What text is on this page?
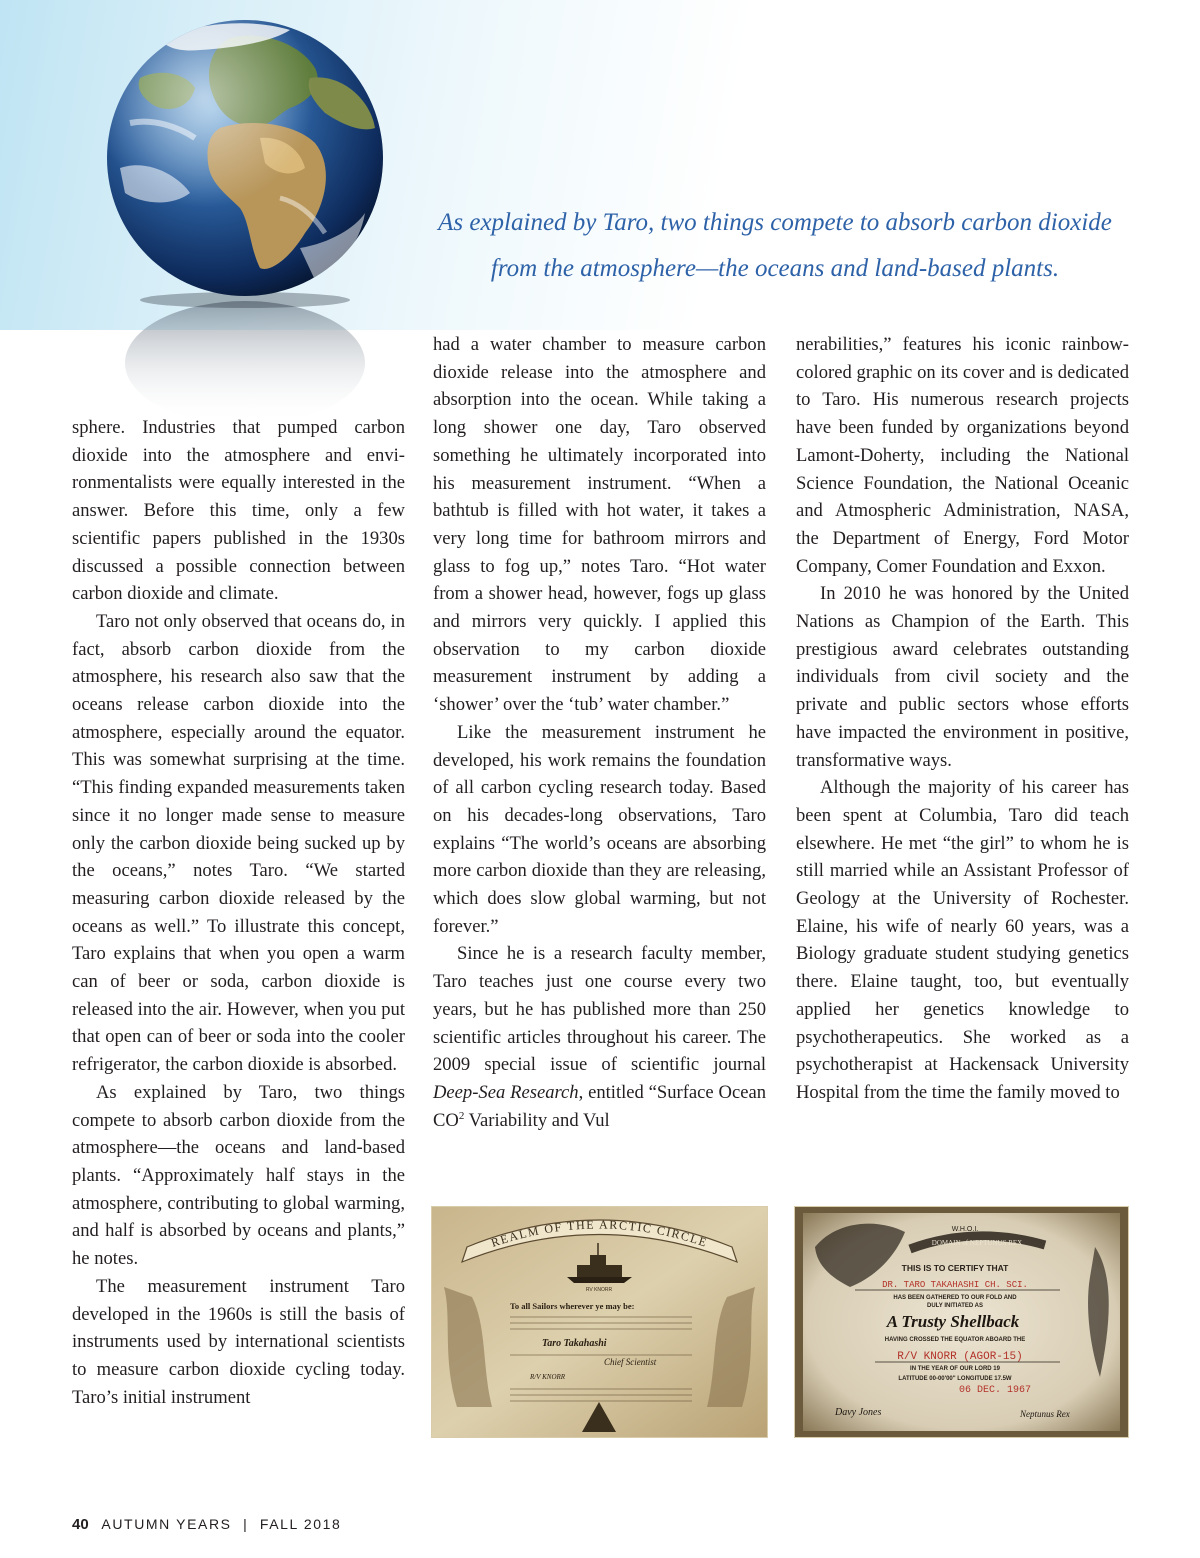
As explained by Taro, two things compete to absorb carbon dioxide
from the atmosphere—the oceans and land-based plants.

sphere. Industries that pumped carbon dioxide into the atmosphere and environmentalists were equally interested in the answer. Before this time, only a few scientific papers published in the 1930s discussed a possible connection between carbon dioxide and climate.

Taro not only observed that oceans do, in fact, absorb carbon dioxide from the atmosphere, his research also saw that the oceans release carbon dioxide into the atmosphere, especially around the equator. This was somewhat surprising at the time. “This finding expanded measurements taken since it no longer made sense to measure only the carbon dioxide being sucked up by the oceans,” notes Taro. “We started measuring carbon dioxide released by the oceans as well.” To illustrate this concept, Taro explains that when you open a warm can of beer or soda, carbon dioxide is released into the air. However, when you put that open can of beer or soda into the cooler refrigerator, the carbon dioxide is absorbed.

As explained by Taro, two things compete to absorb carbon dioxide from the atmosphere—the oceans and land-based plants. “Approximately half stays in the atmosphere, contributing to global warming, and half is absorbed by oceans and plants,” he notes.

The measurement instrument Taro developed in the 1960s is still the basis of instruments used by international scientists to measure carbon dioxide cycling today. Taro’s initial instrument

had a water chamber to measure carbon dioxide release into the atmosphere and absorption into the ocean. While taking a long shower one day, Taro observed something he ultimately incorporated into his measurement instrument. “When a bathtub is filled with hot water, it takes a very long time for bathroom mirrors and glass to fog up,” notes Taro. “Hot water from a shower head, however, fogs up glass and mirrors very quickly. I applied this observation to my carbon dioxide measurement instrument by adding a ‘shower’ over the ‘tub’ water chamber.”

Like the measurement instrument he developed, his work remains the foundation of all carbon cycling research today. Based on his decades-long observations, Taro explains “The world’s oceans are absorbing more carbon dioxide than they are releasing, which does slow global warming, but not forever.”

Since he is a research faculty member, Taro teaches just one course every two years, but he has published more than 250 scientific articles throughout his career. The 2009 special issue of scientific journal Deep-Sea Research, entitled “Surface Ocean $CO^2$ Variability and Vul

nerabilities,” features his iconic rainbow-colored graphic on its cover and is dedicated to Taro. His numerous research projects have been funded by organizations beyond Lamont-Doherty, including the National Science Foundation, the National Oceanic and Atmospheric Administration, NASA, the Department of Energy, Ford Motor Company, Comer Foundation and Exxon.

In 2010 he was honored by the United Nations as Champion of the Earth. This prestigious award celebrates outstanding individuals from civil society and the private and public sectors whose efforts have impacted the environment in positive, transformative ways.

Although the majority of his career has been spent at Columbia, Taro did teach elsewhere. He met “the girl” to whom he is still married while an Assistant Professor of Geology at the University of Rochester. Elaine, his wife of nearly 60 years, was a Biology graduate student studying genetics there. Elaine taught, too, but eventually applied her genetics knowledge to psychotherapeutics. She worked as a psychotherapist at Hackensack University Hospital from the time the family moved to

REALM OF THE ARCTIC CIRCLE
RV KNORR
To all Sailors wherever ye may be:
Taro Takahashi
Chief Scientist
R/V KNORR
W.H.O.I.
DOMAIN of NEPTUNUS REX
THIS IS TO CERTIFY THAT
DR. TARO TAKAHASHI CH. SCI.
HAS BEEN GATHERED TO OUR FOLD AND
DULY INITIATED AS
A Trusty Shellback
HAVING CROSSED THE EQUATOR ABOARD THE
R/V KNORR (AGOR-15)
IN THE YEAR OF OUR LORD 19
LATITUDE 00-00'00" LONGITUDE 17.5W
06 DEC. 1967
Davy Jones	Neptunus Rex
40 AUTUMN YEARS | FALL 2018
